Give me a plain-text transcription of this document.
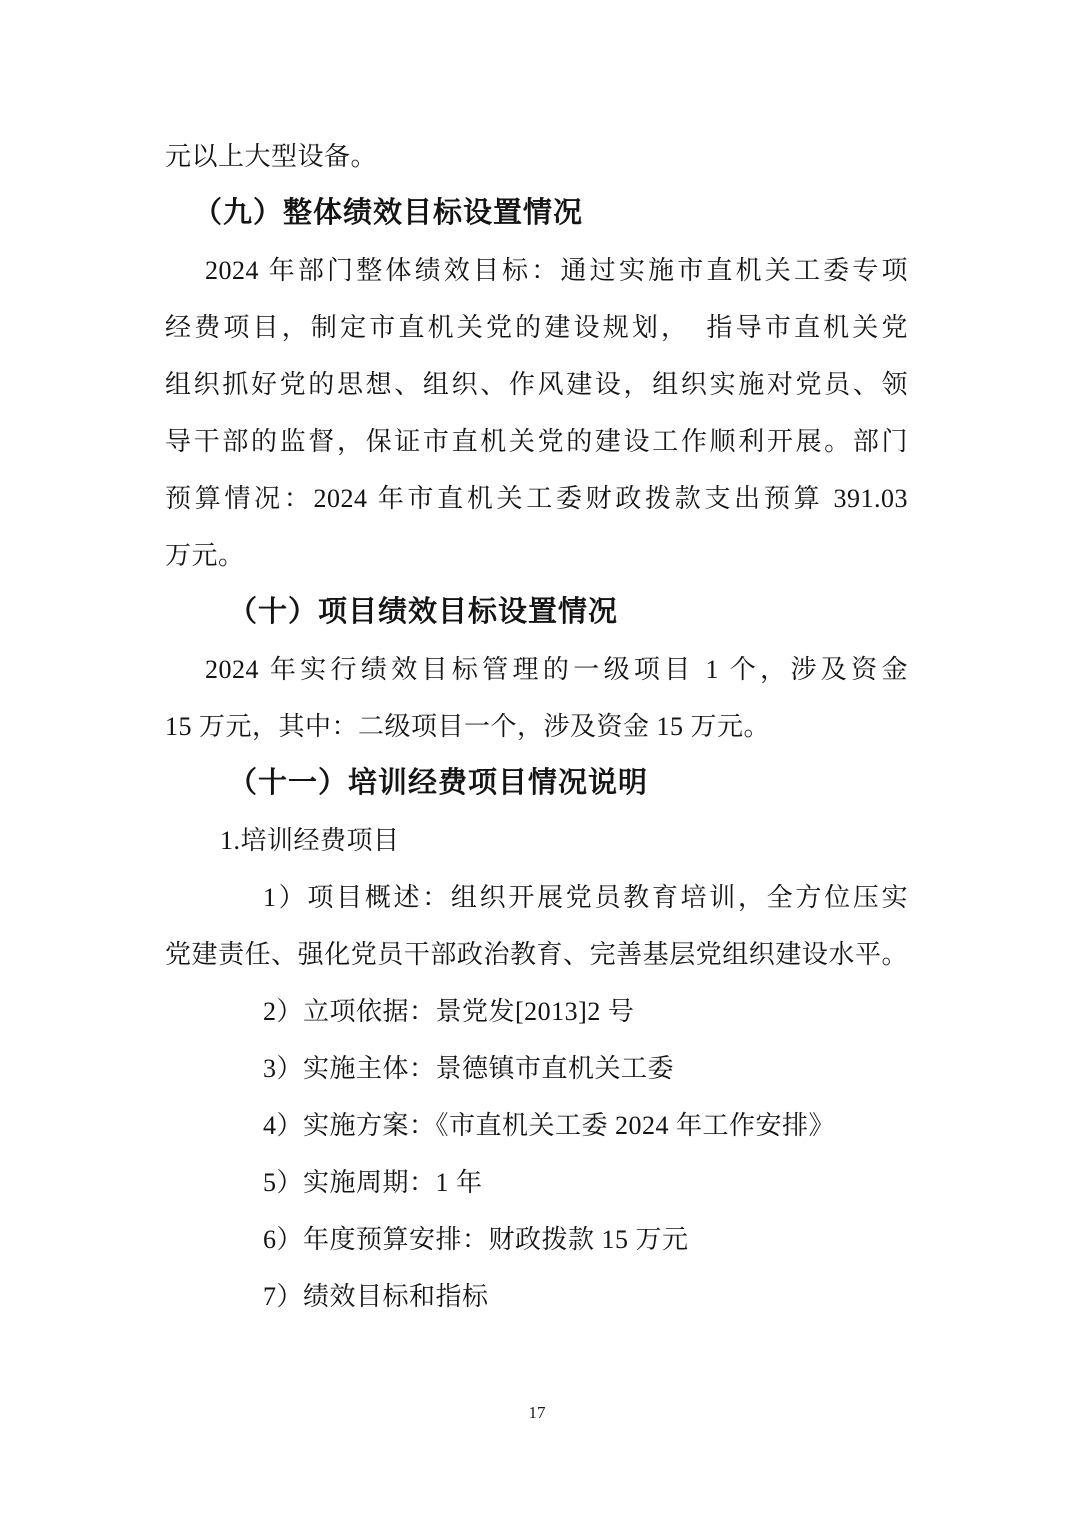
元以上大型设备。
（九）整体绩效目标设置情况
2024 年部门整体绩效目标：通过实施市直机关工委专项
经费项目，制定市直机关党的建设规划，　指导市直机关党
组织抓好党的思想、组织、作风建设，组织实施对党员、领
导干部的监督，保证市直机关党的建设工作顺利开展。部门
预算情况：2024 年市直机关工委财政拨款支出预算 391.03
万元。
（十）项目绩效目标设置情况
2024 年实行绩效目标管理的一级项目 1 个，涉及资金
15 万元，其中：二级项目一个，涉及资金 15 万元。
（十一）培训经费项目情况说明
1.培训经费项目
1）项目概述：组织开展党员教育培训，全方位压实
党建责任、强化党员干部政治教育、完善基层党组织建设水平。
2）立项依据：景党发[2013]2 号
3）实施主体：景德镇市直机关工委
4）实施方案：《市直机关工委 2024 年工作安排》
5）实施周期：1 年
6）年度预算安排：财政拨款 15 万元
7）绩效目标和指标
17
